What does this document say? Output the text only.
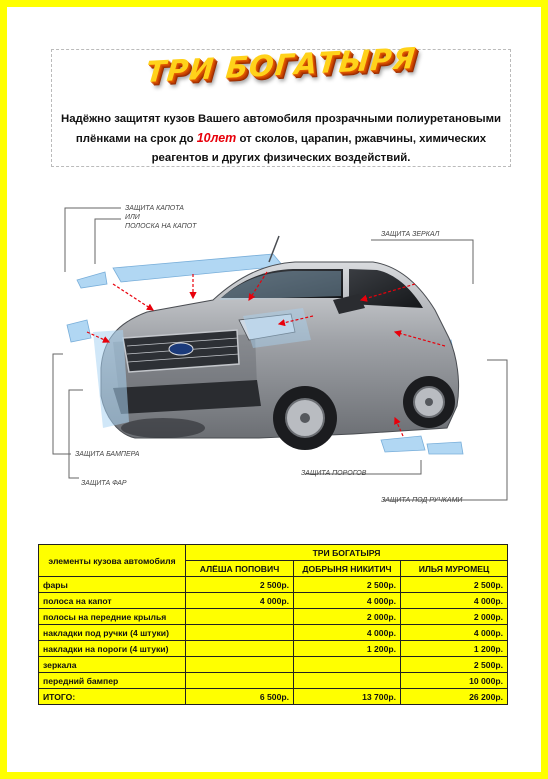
ТРИ БОГАТЫРЯ
Надёжно защитят кузов Вашего автомобиля прозрачными полиуретановыми
плёнками на срок до 10лет от сколов, царапин, ржавчины, химических
реагентов и других физических воздействий.
ЗАЩИТА КАПОТА
ИЛИ
ПОЛОСКА НА КАПОТ
ЗАЩИТА ЗЕРКАЛ
ЗАЩИТА БАМПЕРА
ЗАЩИТА ФАР
ЗАЩИТА ПОРОГОВ
ЗАЩИТА ПОД РУЧКАМИ
элементы кузова автомобиля	ТРИ БОГАТЫРЯ		
	АЛЁША ПОПОВИЧ	ДОБРЫНЯ НИКИТИЧ	ИЛЬЯ МУРОМЕЦ
фары	2 500р.	2 500р.	2 500р.
полоса на капот	4 000р.	4 000р.	4 000р.
полосы на передние крылья		2 000р.	2 000р.
накладки под ручки (4 штуки)		4 000р.	4 000р.
накладки на пороги (4 штуки)		1 200р.	1 200р.
зеркала			2 500р.
передний бампер			10 000р.
ИТОГО:	6 500р.	13 700р.	26 200р.
